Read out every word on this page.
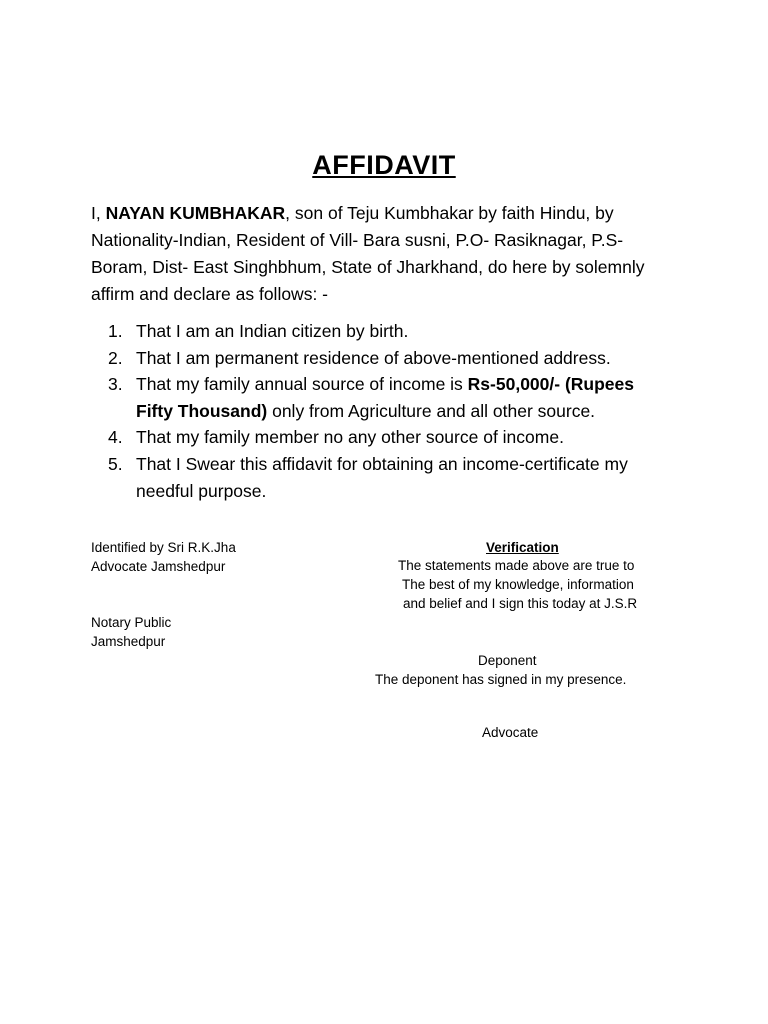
AFFIDAVIT
I, NAYAN KUMBHAKAR, son of Teju Kumbhakar by faith Hindu, by
Nationality-Indian, Resident of Vill- Bara susni, P.O- Rasiknagar, P.S-
Boram, Dist- East Singhbhum, State of Jharkhand, do here by solemnly
affirm and declare as follows: -
1. That I am an Indian citizen by birth.
2. That I am permanent residence of above-mentioned address.
3. That my family annual source of income is Rs-50,000/- (Rupees
Fifty Thousand) only from Agriculture and all other source.
4. That my family member no any other source of income.
5. That I Swear this affidavit for obtaining an income-certificate my
needful purpose.
Identified by Sri R.K.Jha
Advocate Jamshedpur
Notary Public
Jamshedpur
Verification
The statements made above are true to
The best of my knowledge, information
and belief and I sign this today at J.S.R
Deponent
The deponent has signed in my presence.
Advocate
